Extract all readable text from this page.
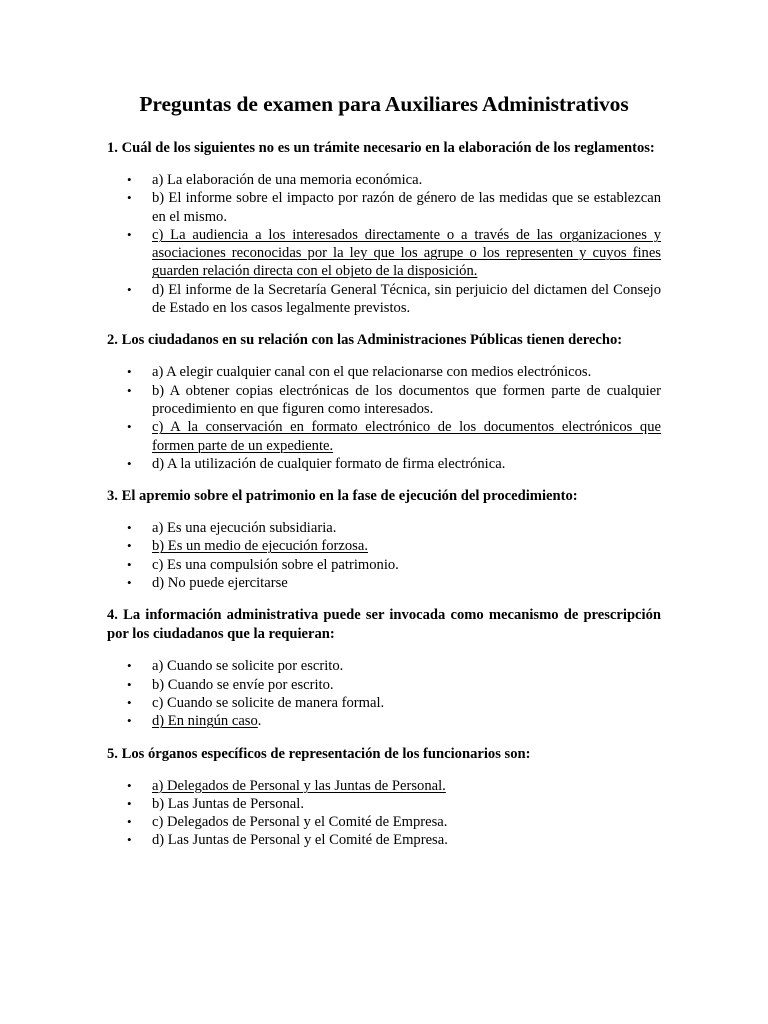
Preguntas de examen para Auxiliares Administrativos

1. Cuál de los siguientes no es un trámite necesario en la elaboración de los reglamentos:

• a) La elaboración de una memoria económica.
• b) El informe sobre el impacto por razón de género de las medidas que se establezcan en el mismo.
• c) La audiencia a los interesados directamente o a través de las organizaciones y asociaciones reconocidas por la ley que los agrupe o los representen y cuyos fines guarden relación directa con el objeto de la disposición.
• d) El informe de la Secretaría General Técnica, sin perjuicio del dictamen del Consejo de Estado en los casos legalmente previstos.

2. Los ciudadanos en su relación con las Administraciones Públicas tienen derecho:

• a) A elegir cualquier canal con el que relacionarse con medios electrónicos.
• b) A obtener copias electrónicas de los documentos que formen parte de cualquier procedimiento en que figuren como interesados.
• c) A la conservación en formato electrónico de los documentos electrónicos que formen parte de un expediente.
• d) A la utilización de cualquier formato de firma electrónica.

3. El apremio sobre el patrimonio en la fase de ejecución del procedimiento:

• a) Es una ejecución subsidiaria.
• b) Es un medio de ejecución forzosa.
• c) Es una compulsión sobre el patrimonio.
• d) No puede ejercitarse

4. La información administrativa puede ser invocada como mecanismo de prescripción por los ciudadanos que la requieran:

• a) Cuando se solicite por escrito.
• b) Cuando se envíe por escrito.
• c) Cuando se solicite de manera formal.
• d) En ningún caso.

5. Los órganos específicos de representación de los funcionarios son:

• a) Delegados de Personal y las Juntas de Personal.
• b) Las Juntas de Personal.
• c) Delegados de Personal y el Comité de Empresa.
• d) Las Juntas de Personal y el Comité de Empresa.
